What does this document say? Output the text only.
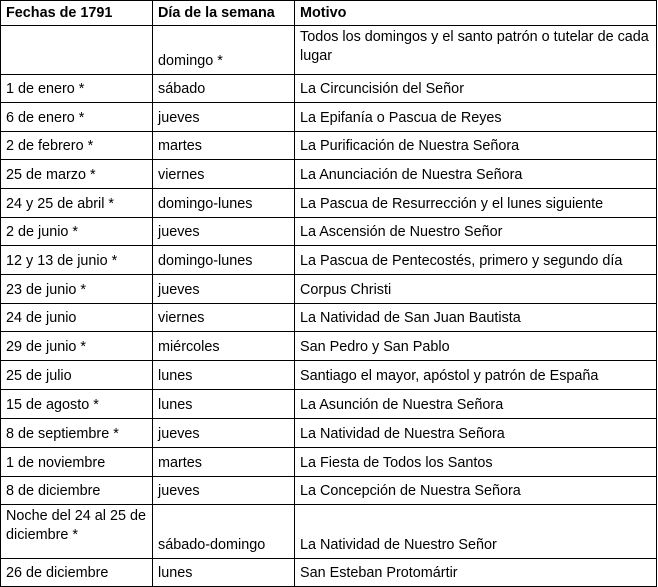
Fechas de 1791	Día de la semana	Motivo
	domingo *	Todos los domingos y el santo patrón o tutelar de cada lugar
1 de enero *	sábado	La Circuncisión del Señor
6 de enero *	jueves	La Epifanía o Pascua de Reyes
2 de febrero *	martes	La Purificación de Nuestra Señora
25 de marzo *	viernes	La Anunciación de Nuestra Señora
24 y 25 de abril *	domingo-lunes	La Pascua de Resurrección y el lunes siguiente
2 de junio *	jueves	La Ascensión de Nuestro Señor
12 y 13 de junio *	domingo-lunes	La Pascua de Pentecostés, primero y segundo día
23 de junio *	jueves	Corpus Christi
24 de junio	viernes	La Natividad de San Juan Bautista
29 de junio *	miércoles	San Pedro y San Pablo
25 de julio	lunes	Santiago el mayor, apóstol y patrón de España
15 de agosto *	lunes	La Asunción de Nuestra Señora
8 de septiembre *	jueves	La Natividad de Nuestra Señora
1 de noviembre	martes	La Fiesta de Todos los Santos
8 de diciembre	jueves	La Concepción de Nuestra Señora
Noche del 24 al 25 de diciembre *	sábado-domingo	La Natividad de Nuestro Señor
26 de diciembre	lunes	San Esteban Protomártir
